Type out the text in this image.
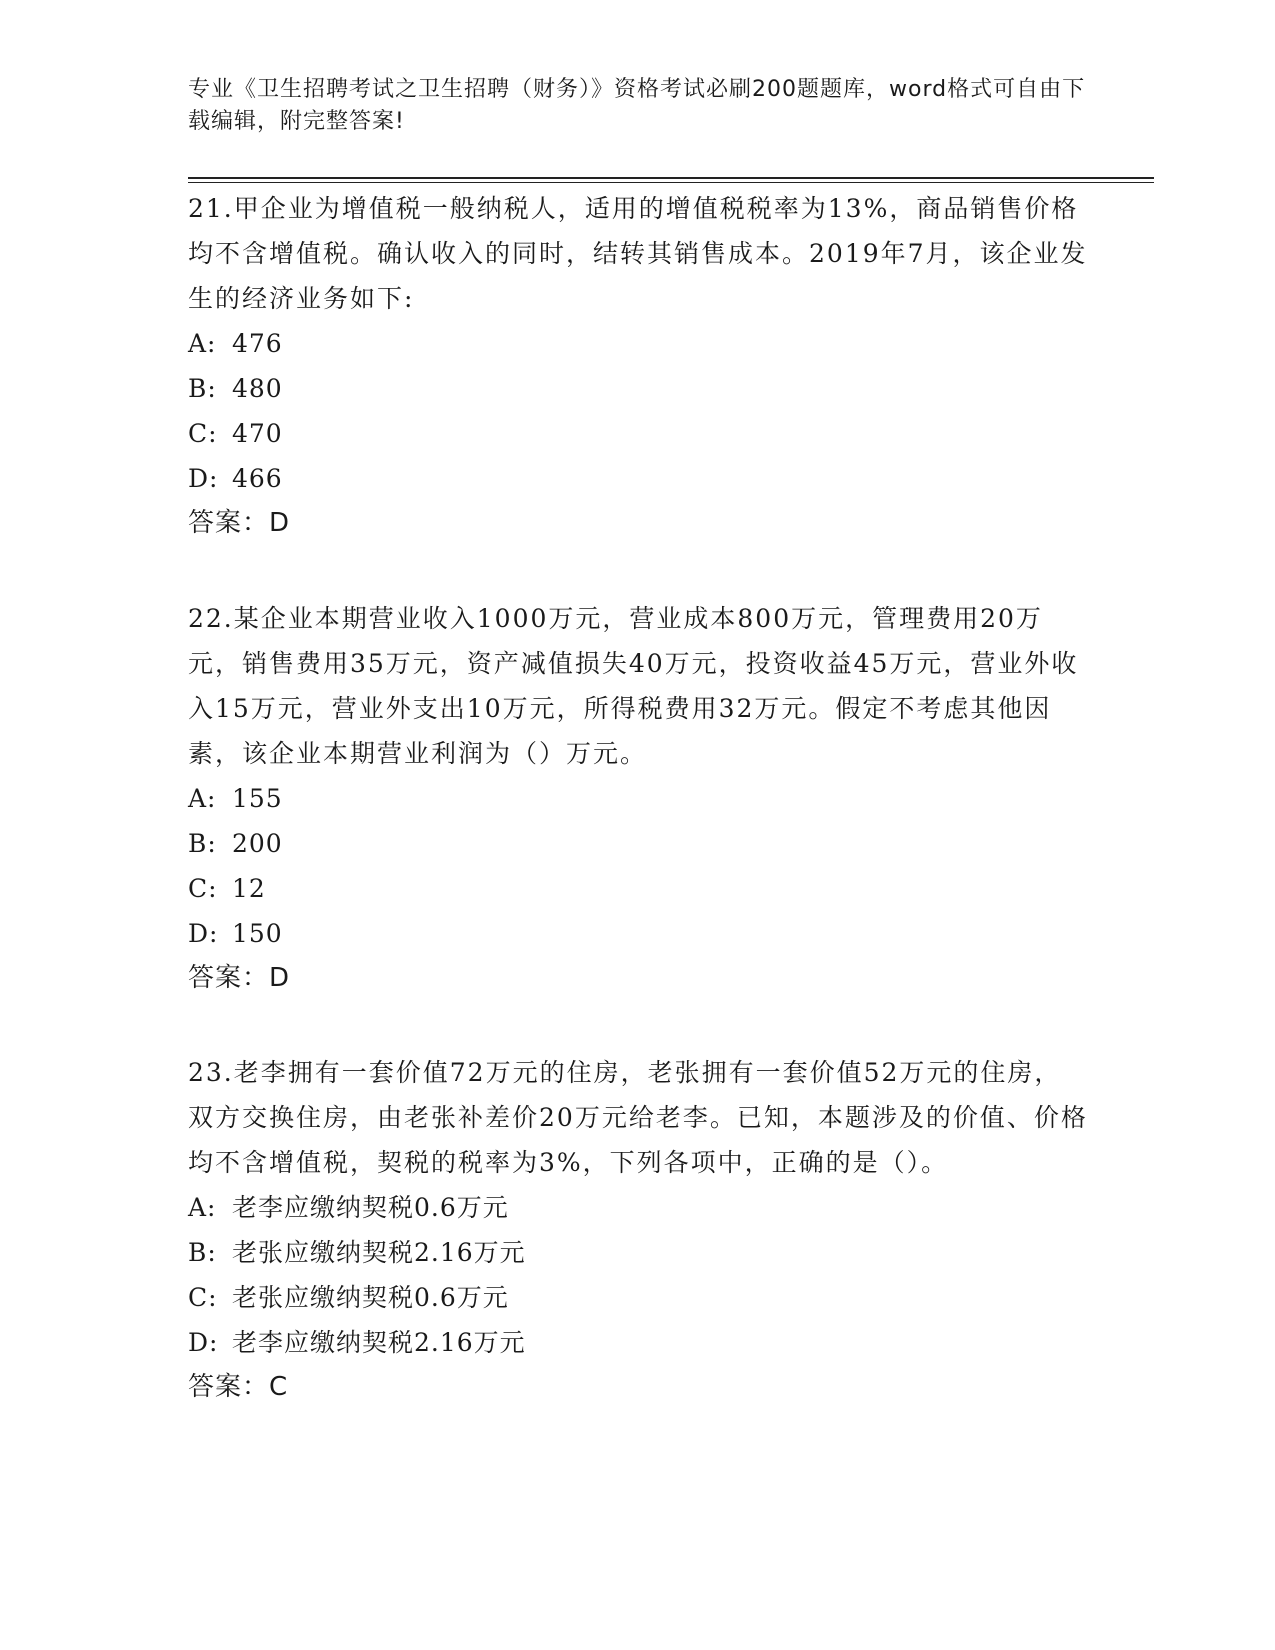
专业《卫生招聘考试之卫生招聘（财务）》资格考试必刷200题题库，word格式可自由下载编辑，附完整答案!

21.甲企业为增值税一般纳税人，适用的增值税税率为13%，商品销售价格均不含增值税。确认收入的同时，结转其销售成本。2019年7月，该企业发生的经济业务如下:

A: 476
B: 480
C: 470
D: 466
答案：D

22.某企业本期营业收入1000万元，营业成本800万元，管理费用20万元，销售费用35万元，资产减值损失40万元，投资收益45万元，营业外收入15万元，营业外支出10万元，所得税费用32万元。假定不考虑其他因素，该企业本期营业利润为（）万元。

A: 155
B: 200
C: 12
D: 150
答案：D

23.老李拥有一套价值72万元的住房，老张拥有一套价值52万元的住房，双方交换住房，由老张补差价20万元给老李。已知，本题涉及的价值、价格均不含增值税，契税的税率为3%，下列各项中，正确的是（）。

A: 老李应缴纳契税0.6万元
B: 老张应缴纳契税2.16万元
C: 老张应缴纳契税0.6万元
D: 老李应缴纳契税2.16万元
答案：C
